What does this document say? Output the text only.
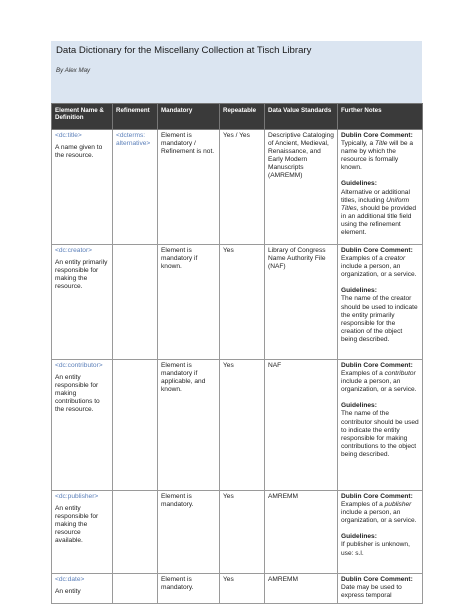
Data Dictionary for the Miscellany Collection at Tisch Library
By Alex May
Element Name & Definition	Refinement	Mandatory	Repeatable	Data Value Standards	Further Notes

<dc:title>
A name given to the resource.	<dcterms: alternative>	Element is mandatory / Refinement is not.	Yes / Yes	Descriptive Cataloging of Ancient, Medieval, Renaissance, and Early Modern Manuscripts (AMREMM)	Dublin Core Comment:
Typically, a Title will be a name by which the resource is formally known.
Guidelines:
Alternative or additional titles, including Uniform Titles, should be provided in an additional title field using the refinement element.

<dc:creator>
An entity primarily responsible for making the resource.		Element is mandatory if known.	Yes	Library of Congress Name Authority File (NAF)	Dublin Core Comment:
Examples of a creator include a person, an organization, or a service.
Guidelines:
The name of the creator should be used to indicate the entity primarily responsible for the creation of the object being described.

<dc:contributor>
An entity responsible for making contributions to the resource.		Element is mandatory if applicable, and known.	Yes	NAF	Dublin Core Comment:
Examples of a contributor include a person, an organization, or a service.
Guidelines:
The name of the contributor should be used to indicate the entity responsible for making contributions to the object being described.

<dc:publisher>
An entity responsible for making the resource available.		Element is mandatory.	Yes	AMREMM	Dublin Core Comment:
Examples of a publisher include a person, an organization, or a service.
Guidelines:
If publisher is unknown, use: s.l.

<dc:date>
An entity		Element is mandatory.	Yes	AMREMM	Dublin Core Comment:
Date may be used to express temporal
